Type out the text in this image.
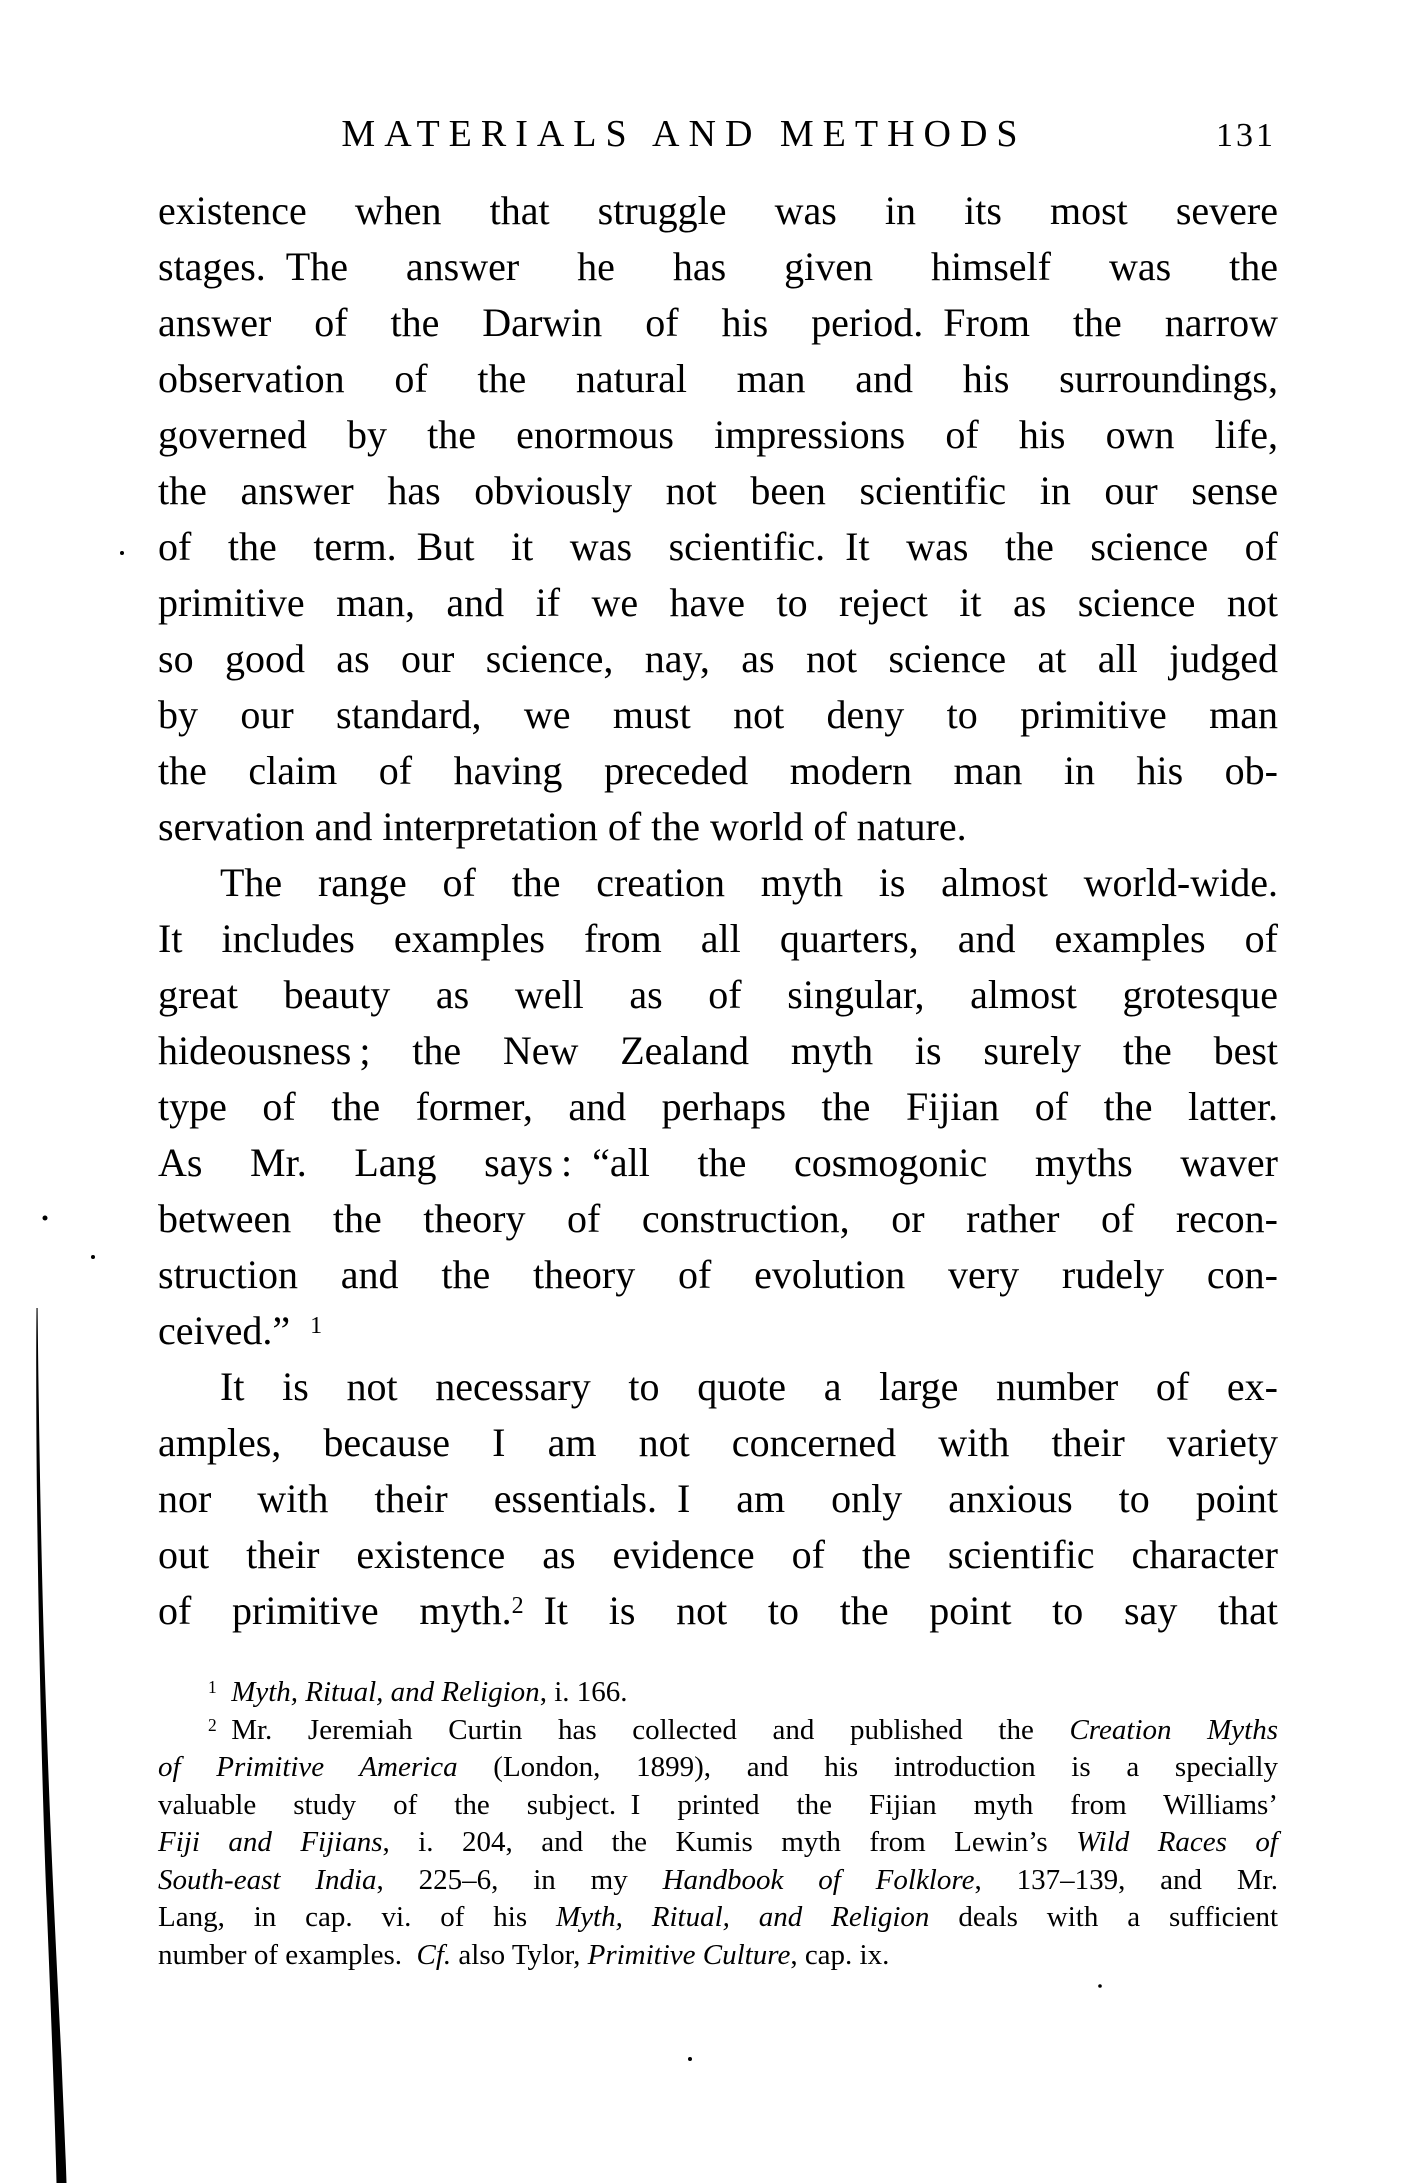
MATERIALS AND METHODS	131
existence when that struggle was in its most severe
stages. The answer he has given himself was the
answer of the Darwin of his period. From the narrow
observation of the natural man and his surroundings,
governed by the enormous impressions of his own life,
the answer has obviously not been scientific in our sense
of the term. But it was scientific. It was the science of
primitive man, and if we have to reject it as science not
so good as our science, nay, as not science at all judged
by our standard, we must not deny to primitive man
the claim of having preceded modern man in his ob-
servation and interpretation of the world of nature.
The range of the creation myth is almost world-wide.
It includes examples from all quarters, and examples of
great beauty as well as of singular, almost grotesque
hideousness ; the New Zealand myth is surely the best
type of the former, and perhaps the Fijian of the latter.
As Mr. Lang says : “all the cosmogonic myths waver
between the theory of construction, or rather of recon-
struction and the theory of evolution very rudely con-
ceived.” $^1$
It is not necessary to quote a large number of ex-
amples, because I am not concerned with their variety
nor with their essentials. I am only anxious to point
out their existence as evidence of the scientific character
of primitive myth.$^2$ It is not to the point to say that
$^1$  Myth, Ritual, and Religion, i. 166.
$^2$ Mr. Jeremiah Curtin has collected and published the Creation Myths
of Primitive America (London, 1899), and his introduction is a specially
valuable study of the subject. I printed the Fijian myth from Williams’
Fiji and Fijians, i. 204, and the Kumis myth from Lewin’s Wild Races of
South-east India, 225–6, in my Handbook of Folklore, 137–139, and Mr.
Lang, in cap. vi. of his Myth, Ritual, and Religion deals with a sufficient
number of examples. Cf. also Tylor, Primitive Culture, cap. ix.
